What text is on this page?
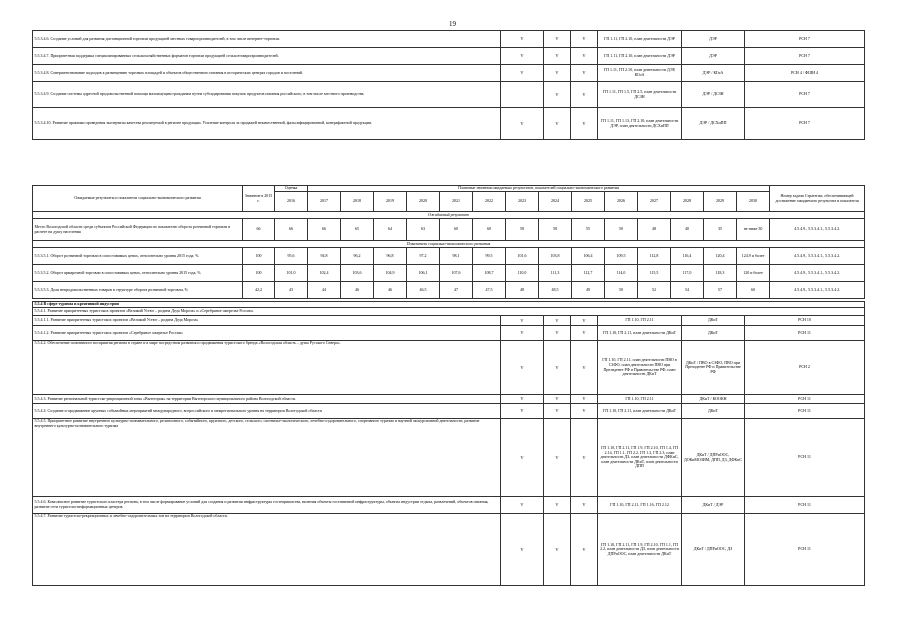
19
5.5.3.4.6. Создание условий для развития дистанционной торговли продукцией местных товаропроизводителей, в том числе интернет-торговли.	V	V	V	ГП 1.11, ГП 2.10, план деятельности ДЭР	ДЭР	РСН 7
5.5.3.4.7. Приоритетная поддержка специализированных сельскохозяйственных форматов торговли продукцией сельхозтоваропроизводителей.	V	V	V	ГП 1.11, ГП 2.10, план деятельности ДЭР	ДЭР	РСН 7
5.5.3.4.8. Совершенствование подходов к размещению торговых площадей и объектов общественного питания в исторических центрах городов и поселений.	V	V	V	ГП 1.11, ГП 2.10, план деятельности ДЭР, КГиА	ДЭР / КГиА	РСН 4 / ФШН 4
5.5.3.4.9. Создание системы адресной продовольственной помощи малоимущим гражданам путем субсидирования покупок продуктов питания российского, в том числе местного производства.		V	V	ГП 1.11, ГП 1.5, ГП 2.5, план деятельности ДСЗН	ДЭР / ДСЗН	РСН 7
5.5.3.4.10. Развитие практики проведения экспертизы качества реализуемой в регионе продукции. Усиление контроля за продажей некачественной, фальсифицированной, контрафактной продукции.	V	V	V	ГП 1.11, ГП 1.13, ГП 2.10, план деятельности ДЭР, план деятельности ДСХиПП	ДЭР / ДСХиПП	РСН 7
Ожидаемые результаты и показатели социально-экономического развития	Значение в 2015 г.	Оценка	Плановые значения ожидаемых результатов, показателей социально-экономического развития														Номер задачи Стратегии, обеспечивающей достижение ожидаемого результата и показателя
		2016	2017	2018	2019	2020	2021	2022	2023	2024	2025	2026	2027	2028	2029	2030	
Ожидаемый результат																	
Место Вологодской области среди субъектов Российской Федерации по показателю оборота розничной торговли в расчете на душу населения	66	66	66	65	64	63	60	60	58	58	55	50	48	40	35	не ниже 30	4.5.4.9., 5.5.3.4.1., 5.5.3.4.2.
Показатели социально-экономического развития																	
5.5.3.5.1. Оборот розничной торговли в сопоставимых ценах, относительно уровня 2015 года, %	100	95,6	94,8	96,2	96,8	97,2	98,1	99,5	101,6	103,8	106,4	109,5	112,8	116,4	120,4	124,9 и более	4.5.4.9., 5.5.3.4.1., 5.5.3.4.2.
5.5.3.5.2. Оборот ярмарочной торговли в сопоставимых ценах, относительно уровня 2015 года, %	100	101,0	102,4	103,6	104,9	106,1	107,6	108,7	110,0	111,3	112,7	114,0	115,5	117,0	118,3	120 и более	4.5.4.9., 5.5.3.4.1., 5.5.3.4.2.
5.5.3.5.3. Доля непродовольственных товаров в структуре оборота розничной торговли, %	42,2	43	44	46	46	46,5	47	47,5	48	48,5	49	50	52	54	57	60	4.5.4.9., 5.5.3.4.1., 5.5.3.4.2.
5.5.4 В сфере туризма и креативной индустрии						
5.5.4.1. Развитие приоритетных туристских проектов «Великий Устюг – родина Деда Мороза» и «Серебряное ожерелье России»						
5.5.4.1.1. Развитие приоритетных туристских проектов «Великий Устюг – родина Деда Мороза»	V	V	V	ГП 1.10, ГП 2.11	ДКиТ	РСН 10
5.5.4.1.2. Развитие приоритетных туристских проектов «Серебряное ожерелье России»	V	V	V	ГП 1.10, ГП 2.11, план деятельности ДКиТ	ДКиТ	РСН 11
5.5.4.2. Обеспечение позитивного восприятия региона в стране и в мире посредством развития и продвижения туристского бренда «Вологодская область – душа Русского Севера».	V	V	V	ГП 1.10, ГП 2.11, план деятельности ПВО в СЗФО, план деятельности ПВО при Президенте РФ и Правительстве РФ, план деятельности ДКиТ	ДКиТ / ПВО в СЗФО, ПВО при Президенте РФ и Правительстве РФ	РСН 2
5.5.4.3. Развитие региональной туристско-рекреационной зоны «Вытегория» на территории Вытегорского муниципального района Вологодской области.	V	V	V	ГП 1.10, ГП 2.11	ДКиТ / КООКН	РСН 11
5.5.4.4. Создание и продвижение крупных событийных мероприятий международного, всероссийского и межрегионального уровня на территории Вологодской области	V	V	V	ГП 1.10, ГП 2.11, план деятельности ДКиТ	ДКиТ	РСН 11
5.5.4.5. Приоритетное развитие внутреннего культурно-познавательного, религиозного, событийного, круизного, детского, сельского, охотничье-экологического, лечебно-оздоровительного, спортивного туризма и научной экскурсионной деятельности, развитие внутреннего культурно-познавательного туризма	V	V	V	ГП 1.10, ГП 2.11, ГП 1.9, ГП 2.10, ГП 1.4, ГП 2.14, ГП 1.1, ГП 2.2, ГП 1.3, ГП 2.3, план деятельности ДЗ, план деятельности ДФКиС, план деятельности ДКиТ, план деятельности ДПП	ДКиТ / ДПРиООС, ДОКиМОЗИМ, ДПП, ДЗ, ДФКиС	РСН 11
5.5.4.6. Комплексное развитие туристского кластера региона, в том числе формирование условий для создания и развития инфраструктуры гостеприимства, включая объекты гостиничной инфраструктуры, объекты индустрии отдыха, развлечений, объектов питания, развитие сети туристско-информационных центров.	V	V	V	ГП 1.10, ГП 2.11, ГП 1.16, ГП 2.12	ДКиТ / ДЭР	РСН 11
5.5.4.7. Развитие туристско-рекреационных и лечебно-оздоровительных зон на территории Вологодской области.	V	V	V	ГП 1.10, ГП 2.11, ГП 1.9, ГП 2.10, ГП 1.1, ГП 2.2, план деятельности ДЗ, план деятельности ДПРиООС, план деятельности ДКиТ	ДКиТ / ДПРиООС, ДЗ	РСН 11
